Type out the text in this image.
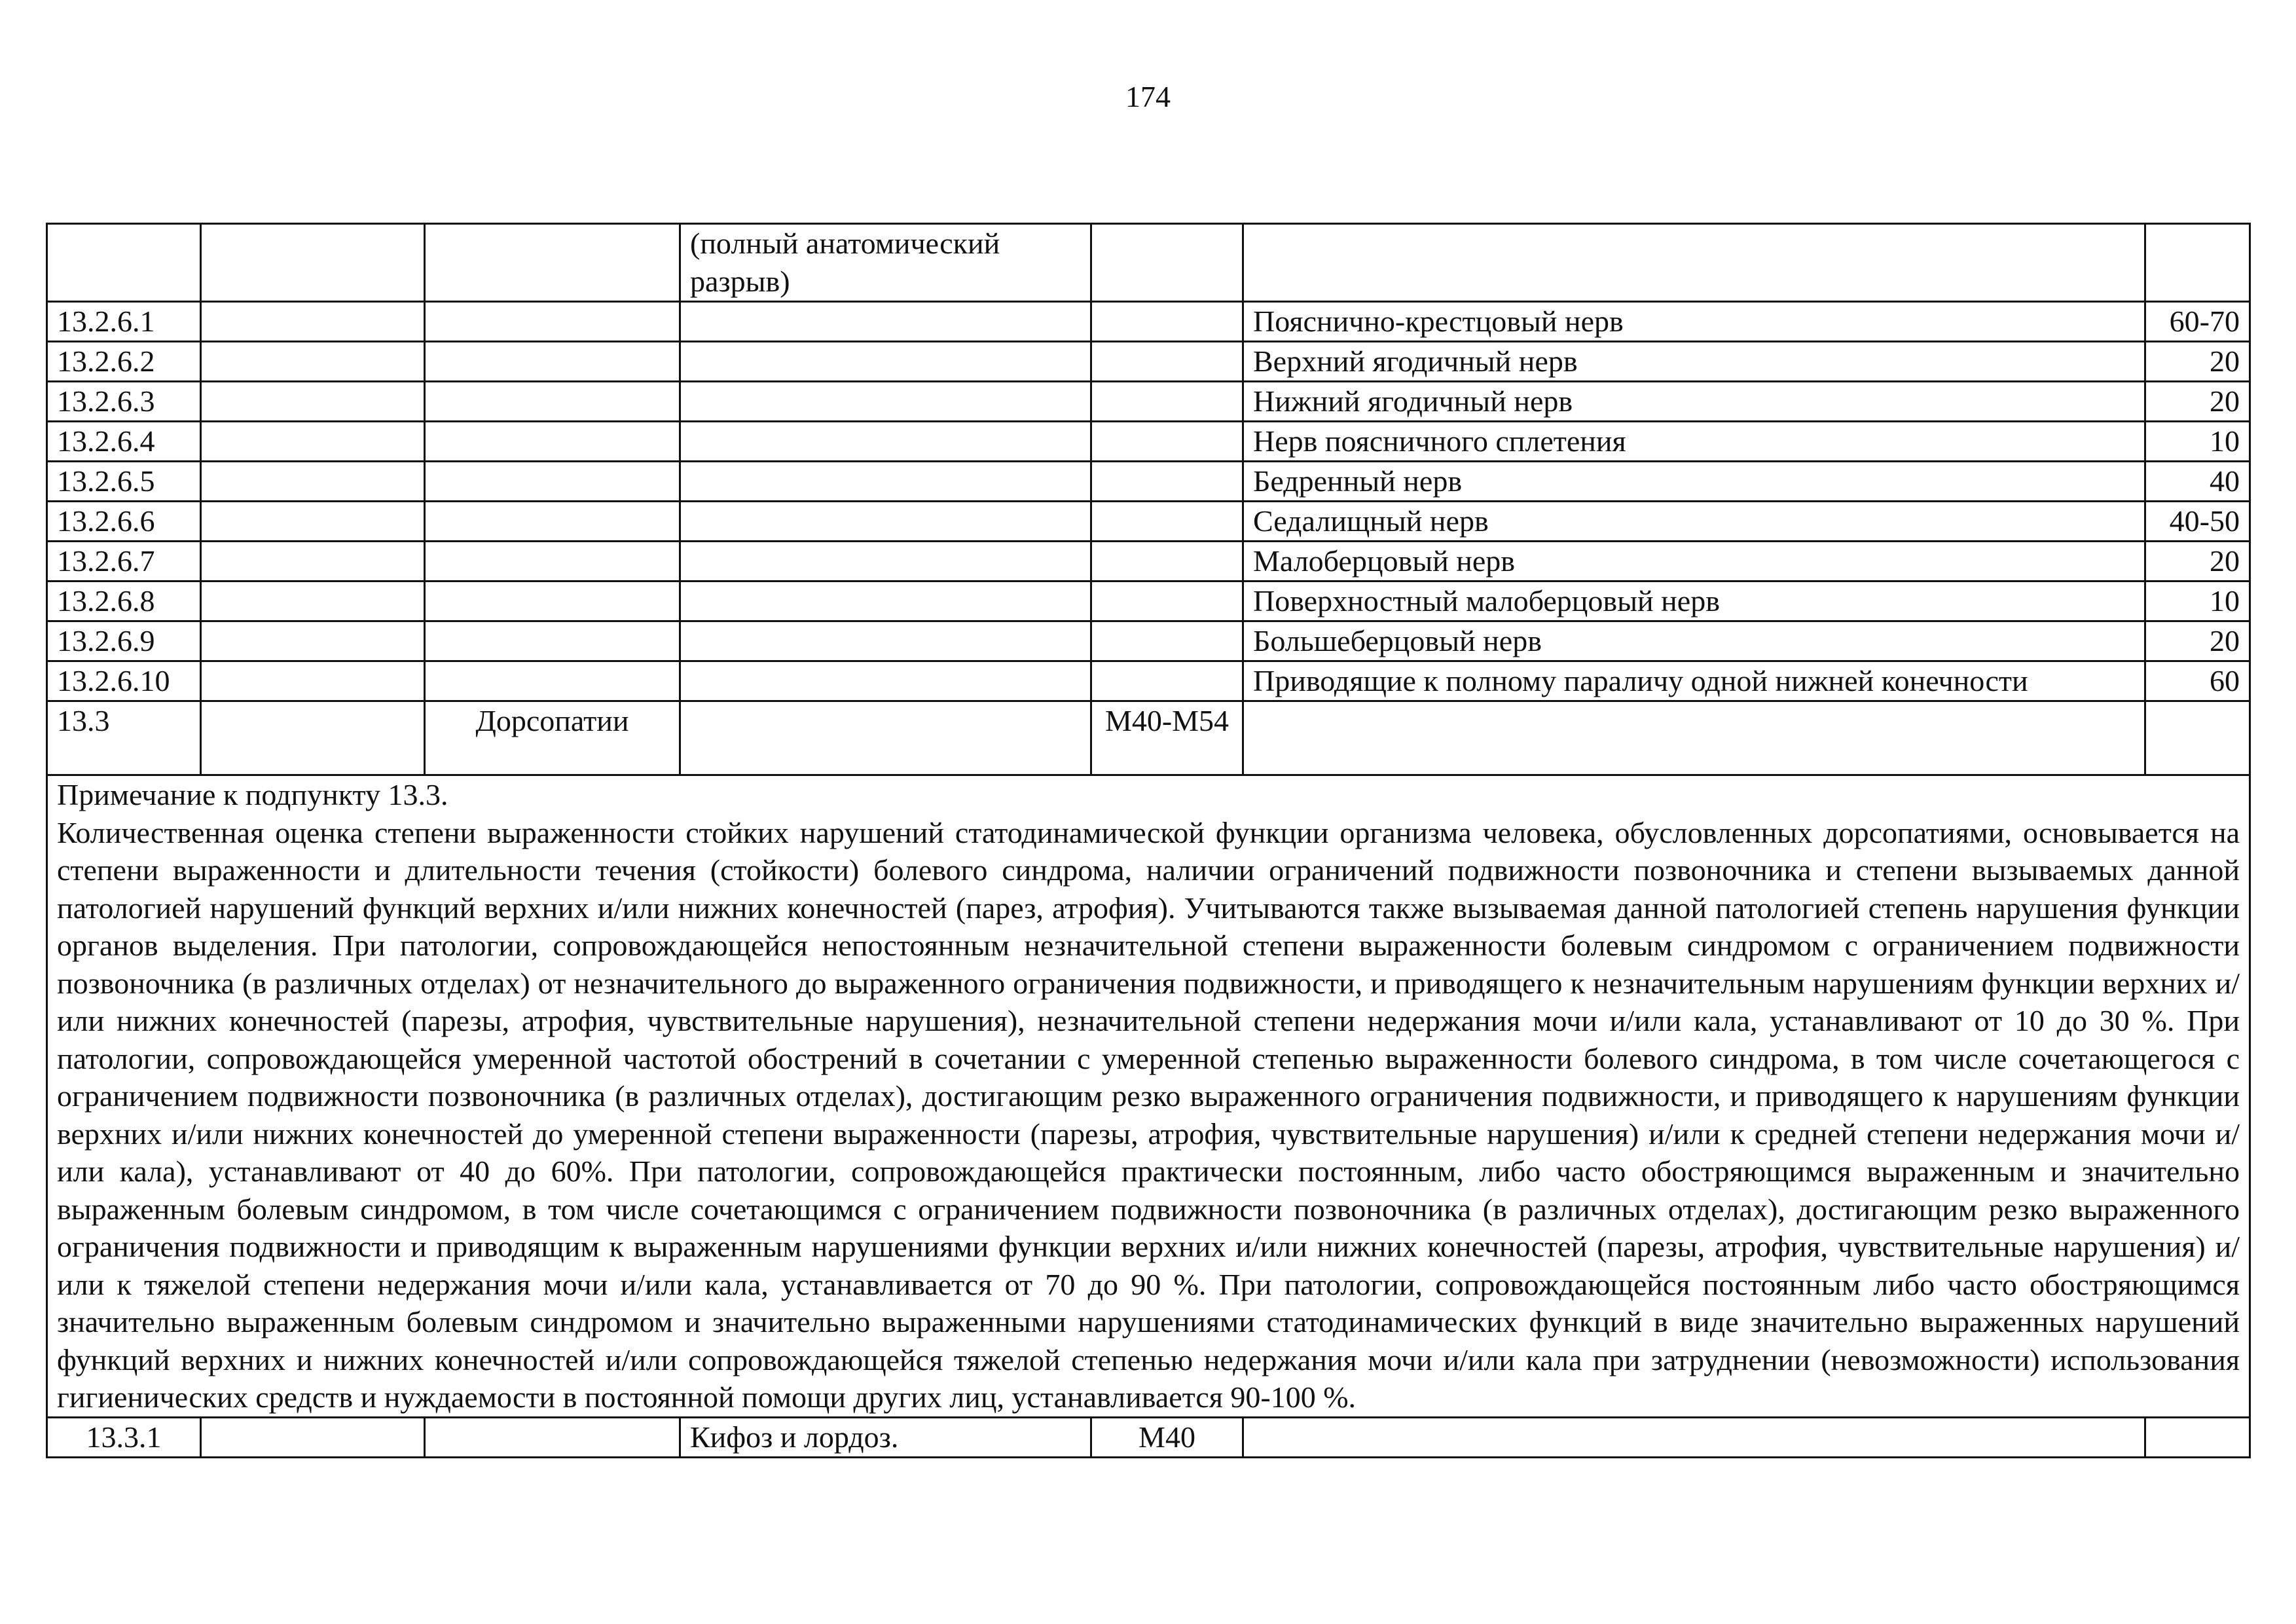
174
			(полный анатомический разрыв)			
13.2.6.1					Пояснично-крестцовый нерв	60-70
13.2.6.2					Верхний ягодичный нерв	20
13.2.6.3					Нижний ягодичный нерв	20
13.2.6.4					Нерв поясничного сплетения	10
13.2.6.5					Бедренный нерв	40
13.2.6.6					Седалищный нерв	40-50
13.2.6.7					Малоберцовый нерв	20
13.2.6.8					Поверхностный малоберцовый нерв	10
13.2.6.9					Большеберцовый нерв	20
13.2.6.10					Приводящие к полному параличу одной нижней конечности	60
13.3		Дорсопатии		М40-М54		

Примечание к подпункту 13.3.
Количественная оценка степени выраженности стойких нарушений статодинамической функции организма человека, обусловленных дорсопатиями, основывается на степени выраженности и длительности течения (стойкости) болевого синдрома, наличии ограничений подвижности позвоночника и степени вызываемых данной патологией нарушений функций верхних и/или нижних конечностей (парез, атрофия). Учитываются также вызываемая данной патологией степень нарушения функции органов выделения. При патологии, сопровождающейся непостоянным незначительной степени выраженности болевым синдромом с ограничением подвижности позвоночника (в различных отделах) от незначительного до выраженного ограничения подвижности, и приводящего к незначительным нарушениям функции верхних и/или нижних конечностей (парезы, атрофия, чувствительные нарушения), незначительной степени недержания мочи и/или кала, устанавливают от 10 до 30 %. При патологии, сопровождающейся умеренной частотой обострений в сочетании с умеренной степенью выраженности болевого синдрома, в том числе сочетающегося с ограничением подвижности позвоночника (в различных отделах), достигающим резко выраженного ограничения подвижности, и приводящего к нарушениям функции верхних и/или нижних конечностей до умеренной степени выраженности (парезы, атрофия, чувствительные нарушения) и/или к средней степени недержания мочи и/или кала), устанавливают от 40 до 60%. При патологии, сопровождающейся практически постоянным, либо часто обостряющимся выраженным и значительно выраженным болевым синдромом, в том числе сочетающимся с ограничением подвижности позвоночника (в различных отделах), достигающим резко выраженного ограничения подвижности и приводящим к выраженным нарушениями функции верхних и/или нижних конечностей (парезы, атрофия, чувствительные нарушения) и/или к тяжелой степени недержания мочи и/или кала, устанавливается от 70 до 90 %. При патологии, сопровождающейся постоянным либо часто обостряющимся значительно выраженным болевым синдромом и значительно выраженными нарушениями статодинамических функций в виде значительно выраженных нарушений функций верхних и нижних конечностей и/или сопровождающейся тяжелой степенью недержания мочи и/или кала при затруднении (невозможности) использования гигиенических средств и нуждаемости в постоянной помощи других лиц, устанавливается 90-100 %.						

13.3.1			Кифоз и лордоз.	М40		
